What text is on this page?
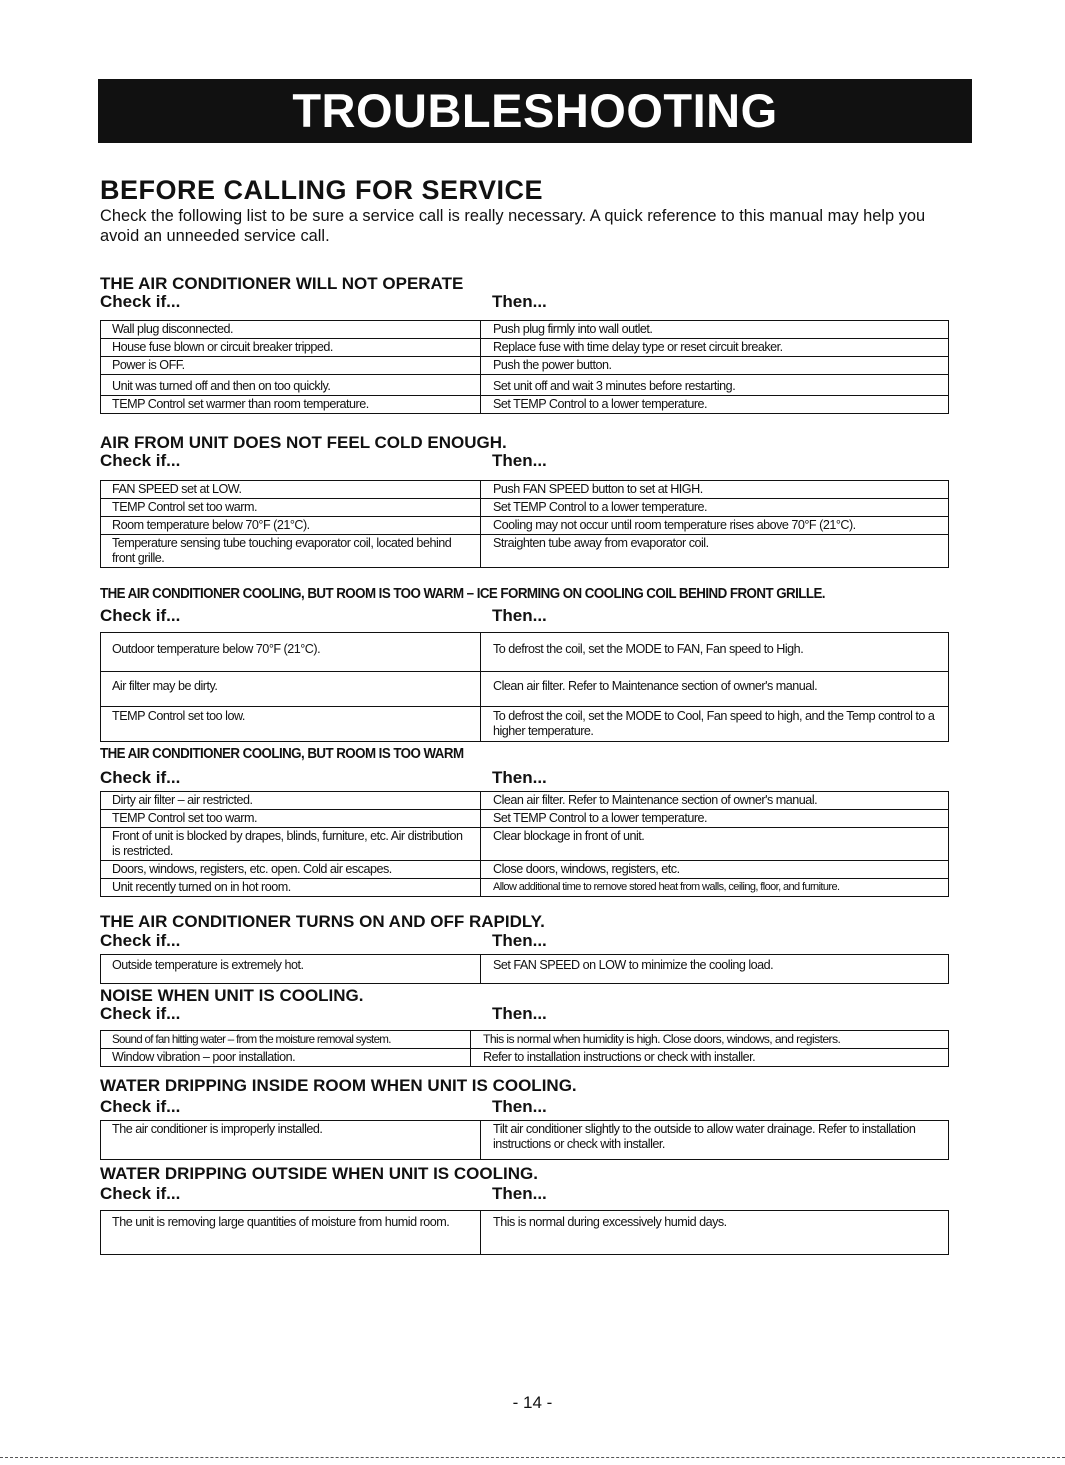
TROUBLESHOOTING
BEFORE CALLING FOR SERVICE
Check the following list to be sure a service call is really necessary. A quick reference to this manual may help you avoid an unneeded service call.
THE AIR CONDITIONER WILL NOT OPERATE
Check if...	Then...
Wall plug disconnected.	Push plug firmly into wall outlet.
House fuse blown or circuit breaker tripped.	Replace fuse with time delay type or reset circuit breaker.
Power is OFF.	Push the power button.
Unit was turned off and then on too quickly.	Set unit off and wait 3 minutes before restarting.
TEMP Control set warmer than room temperature.	Set TEMP Control to a lower temperature.
AIR FROM UNIT DOES NOT FEEL COLD ENOUGH.
Check if...	Then...
FAN SPEED set at LOW.	Push FAN SPEED button to set at HIGH.
TEMP Control set too warm.	Set TEMP Control to a lower temperature.
Room temperature below 70°F (21°C).	Cooling may not occur until room temperature rises above 70°F (21°C).
Temperature sensing tube touching evaporator coil, located behind front grille.	Straighten tube away from evaporator coil.
THE AIR CONDITIONER COOLING, BUT ROOM IS TOO WARM – ICE FORMING ON COOLING COIL BEHIND FRONT GRILLE.
Check if...	Then...
Outdoor temperature below 70°F (21°C).	To defrost the coil, set the MODE to FAN, Fan speed to High.
Air filter may be dirty.	Clean air filter. Refer to Maintenance section of owner's manual.
TEMP Control set too low.	To defrost the coil, set the MODE to Cool, Fan speed to high, and the Temp control to a higher temperature.
THE AIR CONDITIONER COOLING, BUT ROOM IS TOO WARM
Check if...	Then...
Dirty air filter – air restricted.	Clean air filter. Refer to Maintenance section of owner's manual.
TEMP Control set too warm.	Set TEMP Control to a lower temperature.
Front of unit is blocked by drapes, blinds, furniture, etc. Air distribution is restricted.	Clear blockage in front of unit.
Doors, windows, registers, etc. open. Cold air escapes.	Close doors, windows, registers, etc.
Unit recently turned on in hot room.	Allow additional time to remove stored heat from walls, ceiling, floor, and furniture.
THE AIR CONDITIONER TURNS ON AND OFF RAPIDLY.
Check if...	Then...
Outside temperature is extremely hot.	Set FAN SPEED on LOW to minimize the cooling load.
NOISE WHEN UNIT IS COOLING.
Check if...	Then...
Sound of fan hitting water – from the moisture removal system.	This is normal when humidity is high. Close doors, windows, and registers.
Window vibration – poor installation.	Refer to installation instructions or check with installer.
WATER DRIPPING INSIDE ROOM WHEN UNIT IS COOLING.
Check if...	Then...
The air conditioner is improperly installed.	Tilt air conditioner slightly to the outside to allow water drainage. Refer to installation instructions or check with installer.
WATER DRIPPING OUTSIDE WHEN UNIT IS COOLING.
Check if...	Then...
The unit is removing large quantities of moisture from humid room.	This is normal during excessively humid days.
- 14 -
